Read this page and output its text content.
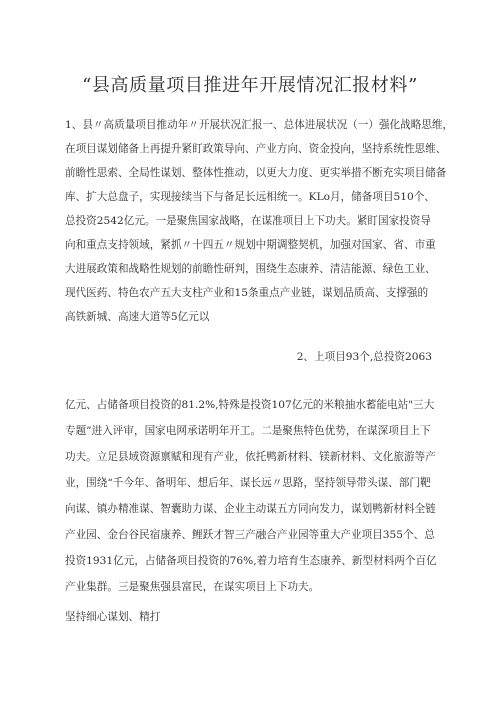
“县高质量项目推进年开展情况汇报材料”
1、县〃高质量项目推动年〃开展状况汇报一、总体进展状况（一）强化战略思维，
在项目谋划储备上再提升紧盯政策导向、产业方向、资金投向，坚持系统性思维、
前瞻性思索、全局性谋划、整体性推动，以更大力度、更实举措不断充实项目储备
库、扩大总盘子，实现接续当下与备足长远相统一。KLo月，储备项目510个、
总投资2542亿元。一是聚焦国家战略，在谋准项目上下功夫。紧盯国家投资导
向和重点支持领域，紧抓〃十四五〃规划中期调整契机，加强对国家、省、市重
大进展政策和战略性规划的前瞻性研判，围绕生态康养、清洁能源、绿色工业、
现代医药、特色农产五大支柱产业和15条重点产业链，谋划品质高、支撑强的
高铁新城、高速大道等5亿元以
2、上项目93个,总投资2063
亿元、占储备项目投资的81.2%,特殊是投资107亿元的米粮抽水蓄能电站"三大
专题”进入评审，国家电网承诺明年开工。二是聚焦特色优势，在谋深项目上下
功夫。立足县域资源禀赋和现有产业，依托鸭新材料、镁新材料、文化旅游等产
业，围绕“千今年、备明年、想后年、谋长远〃思路，坚持领导带头谋、部门靶
向谋、镇办精准谋、智囊助力谋、企业主动谋五方同向发力，谋划鸭新材料全链
产业园、金台谷民宿康养、鲤跃才智三产融合产业园等重大产业项目355个、总
投资1931亿元，占储备项目投资的76%,着力培育生态康养、新型材料两个百亿
产业集群。三是聚焦强县富民，在谋实项目上下功夫。
坚持细心谋划、精打
